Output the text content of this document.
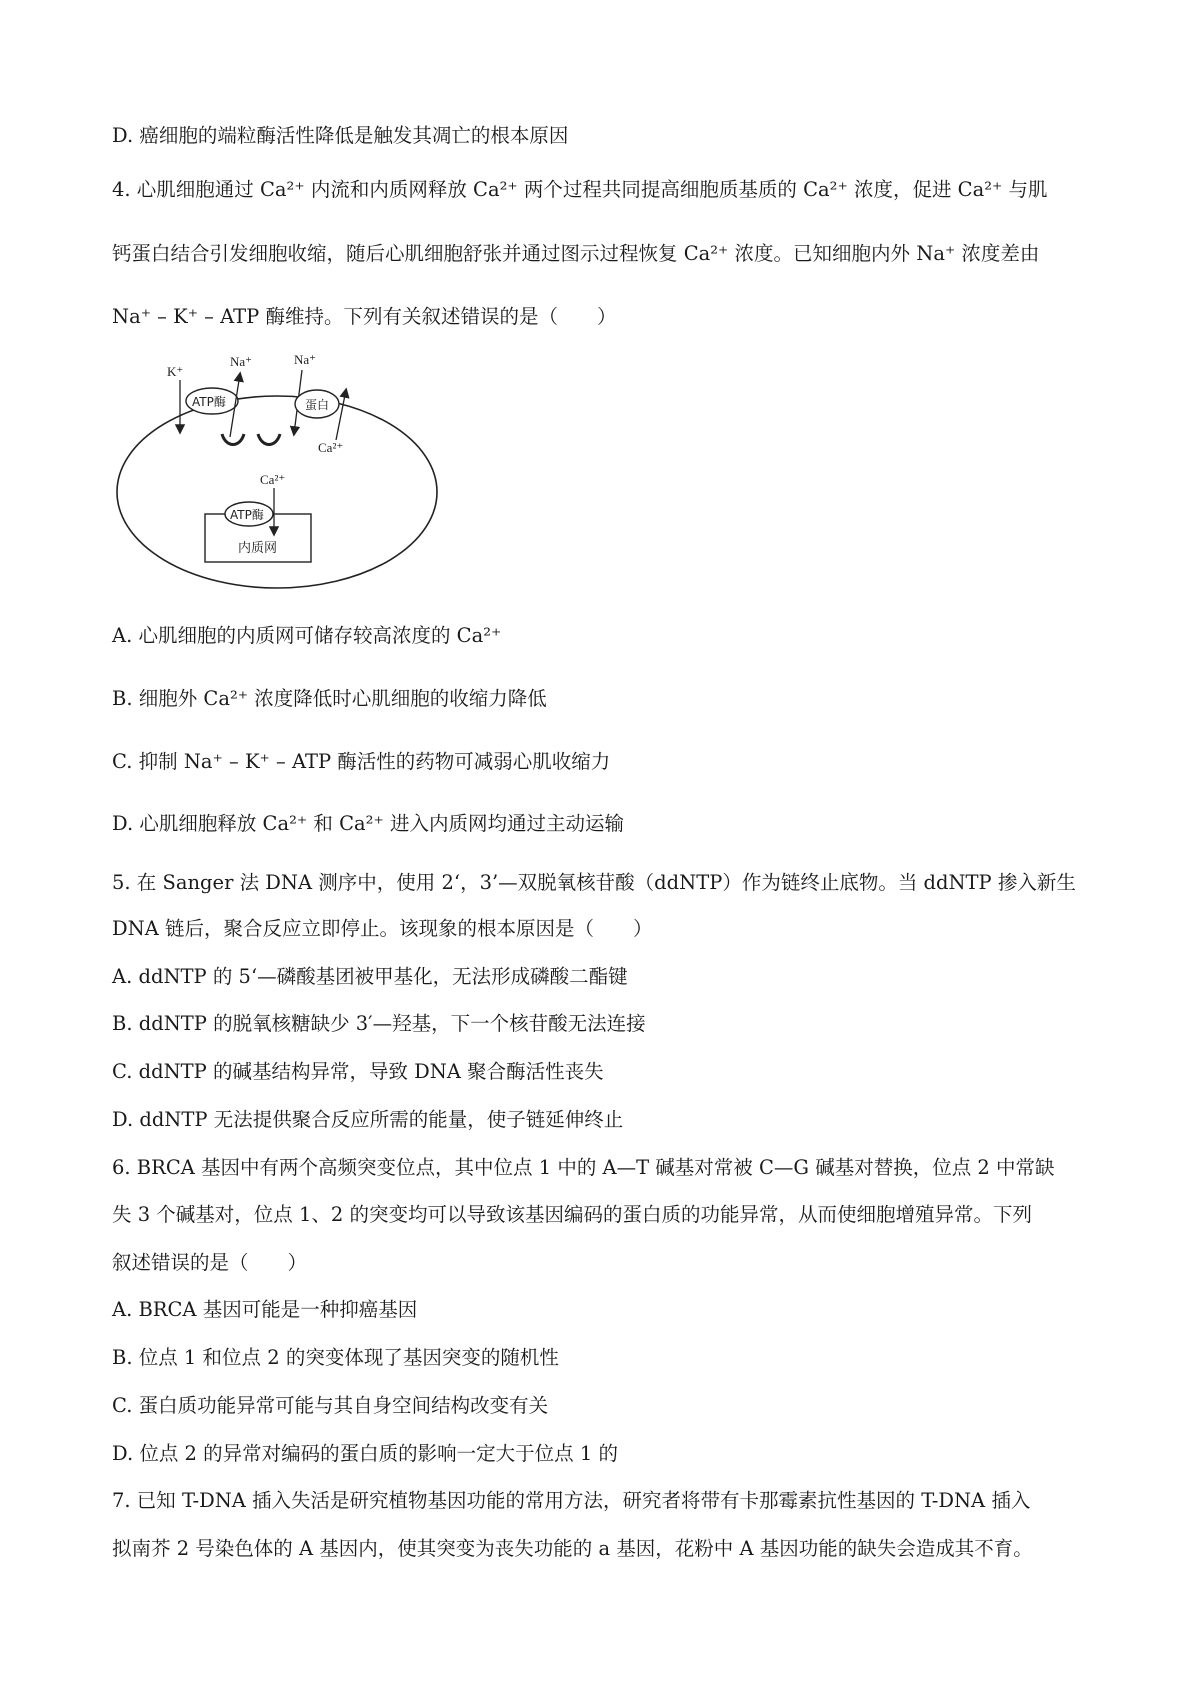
D. 癌细胞的端粒酶活性降低是触发其凋亡的根本原因
4. 心肌细胞通过 Ca²⁺ 内流和内质网释放 Ca²⁺ 两个过程共同提高细胞质基质的 Ca²⁺ 浓度，促进 Ca²⁺ 与肌
钙蛋白结合引发细胞收缩，随后心肌细胞舒张并通过图示过程恢复 Ca²⁺ 浓度。已知细胞内外 Na⁺ 浓度差由
Na⁺ – K⁺ – ATP 酶维持。下列有关叙述错误的是（　　）
K⁺
ATP酶
Na⁺	Na⁺
蛋白
Ca²⁺
Ca²⁺
ATP酶
内质网
A. 心肌细胞的内质网可储存较高浓度的 Ca²⁺
B. 细胞外 Ca²⁺ 浓度降低时心肌细胞的收缩力降低
C. 抑制 Na⁺ – K⁺ – ATP 酶活性的药物可减弱心肌收缩力
D. 心肌细胞释放 Ca²⁺ 和 Ca²⁺ 进入内质网均通过主动运输
5. 在 Sanger 法 DNA 测序中，使用 2‘，3’—双脱氧核苷酸（ddNTP）作为链终止底物。当 ddNTP 掺入新生
DNA 链后，聚合反应立即停止。该现象的根本原因是（　　）
A. ddNTP 的 5‘—磷酸基团被甲基化，无法形成磷酸二酯键
B. ddNTP 的脱氧核糖缺少 3′—羟基，下一个核苷酸无法连接
C. ddNTP 的碱基结构异常，导致 DNA 聚合酶活性丧失
D. ddNTP 无法提供聚合反应所需的能量，使子链延伸终止
6. BRCA 基因中有两个高频突变位点，其中位点 1 中的 A—T 碱基对常被 C—G 碱基对替换，位点 2 中常缺
失 3 个碱基对，位点 1、2 的突变均可以导致该基因编码的蛋白质的功能异常，从而使细胞增殖异常。下列
叙述错误的是（　　）
A. BRCA 基因可能是一种抑癌基因
B. 位点 1 和位点 2 的突变体现了基因突变的随机性
C. 蛋白质功能异常可能与其自身空间结构改变有关
D. 位点 2 的异常对编码的蛋白质的影响一定大于位点 1 的
7. 已知 T-DNA 插入失活是研究植物基因功能的常用方法，研究者将带有卡那霉素抗性基因的 T-DNA 插入
拟南芥 2 号染色体的 A 基因内，使其突变为丧失功能的 a 基因，花粉中 A 基因功能的缺失会造成其不育。
